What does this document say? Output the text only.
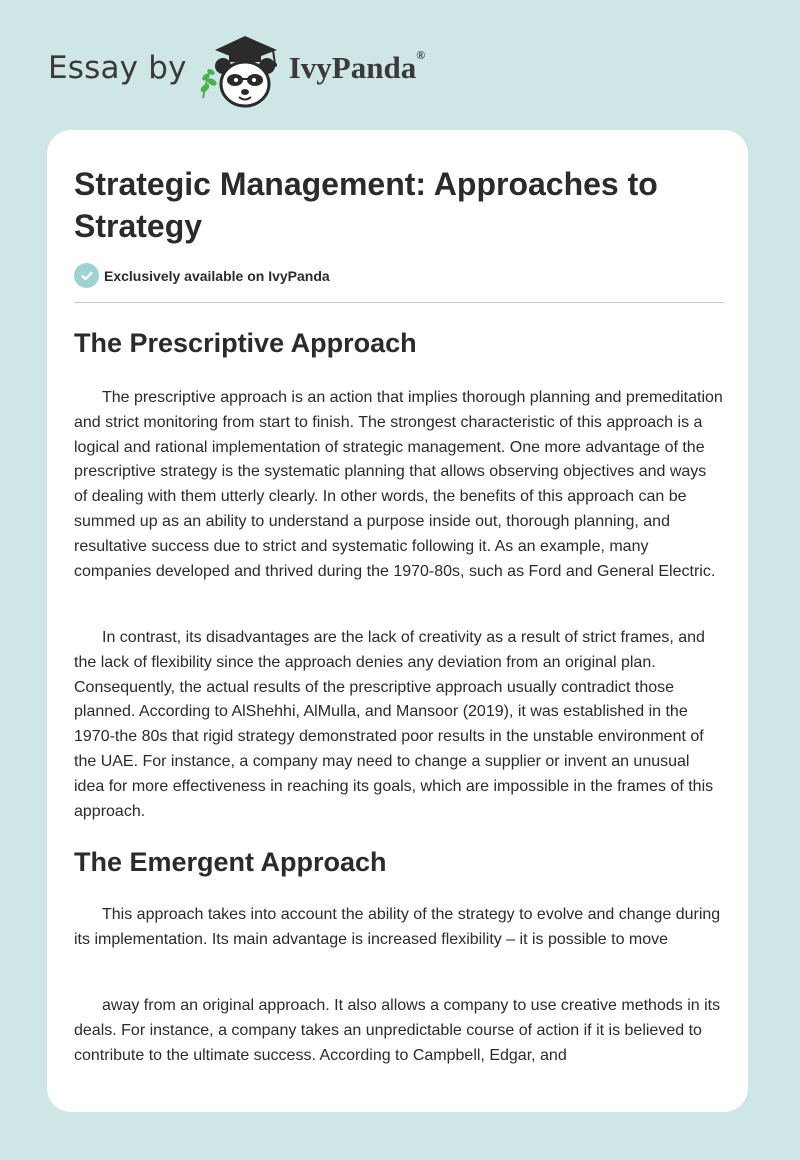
Essay by	IvyPanda®
Strategic Management: Approaches to Strategy
Exclusively available on IvyPanda
The Prescriptive Approach

The prescriptive approach is an action that implies thorough planning and premeditation and strict monitoring from start to finish. The strongest characteristic of this approach is a logical and rational implementation of strategic management. One more advantage of the prescriptive strategy is the systematic planning that allows observing objectives and ways of dealing with them utterly clearly. In other words, the benefits of this approach can be summed up as an ability to understand a purpose inside out, thorough planning, and resultative success due to strict and systematic following it. As an example, many companies developed and thrived during the 1970-80s, such as Ford and General Electric.

In contrast, its disadvantages are the lack of creativity as a result of strict frames, and the lack of flexibility since the approach denies any deviation from an original plan. Consequently, the actual results of the prescriptive approach usually contradict those planned. According to AlShehhi, AlMulla, and Mansoor (2019), it was established in the 1970-the 80s that rigid strategy demonstrated poor results in the unstable environment of the UAE. For instance, a company may need to change a supplier or invent an unusual idea for more effectiveness in reaching its goals, which are impossible in the frames of this approach.

The Emergent Approach

This approach takes into account the ability of the strategy to evolve and change during its implementation. Its main advantage is increased flexibility – it is possible to move

away from an original approach. It also allows a company to use creative methods in its deals. For instance, a company takes an unpredictable course of action if it is believed to contribute to the ultimate success. According to Campbell, Edgar, and
